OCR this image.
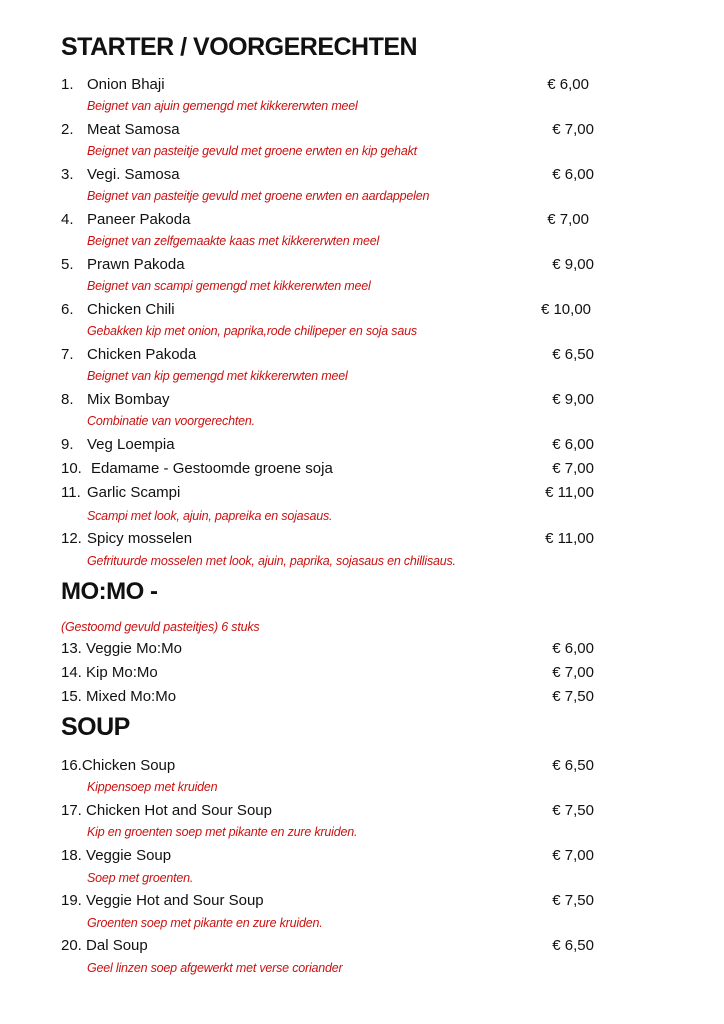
STARTER / VOORGERECHTEN
1. Onion Bhaji	€ 6,00
Beignet van ajuin gemengd met kikkererwten meel
2. Meat Samosa	€ 7,00
Beignet van pasteitje gevuld met groene erwten en kip gehakt
3. Vegi. Samosa	€ 6,00
Beignet van pasteitje gevuld met groene erwten en aardappelen
4. Paneer Pakoda	€ 7,00
Beignet van zelfgemaakte kaas met kikkererwten meel
5. Prawn Pakoda	€ 9,00
Beignet van scampi gemengd met kikkererwten meel
6. Chicken Chili	€ 10,00
Gebakken kip met onion, paprika,rode chilipeper en soja saus
7. Chicken Pakoda	€ 6,50
Beignet van kip gemengd met kikkererwten meel
8. Mix Bombay	€ 9,00
Combinatie van voorgerechten.
9. Veg Loempia	€ 6,00
10. Edamame - Gestoomde groene soja	€ 7,00
11. Garlic Scampi	€ 11,00
Scampi met look, ajuin, papreika en sojasaus.
12. Spicy mosselen	€ 11,00
Gefrituurde mosselen met look, ajuin, paprika, sojasaus en chillisaus.
MO:MO -
(Gestoomd gevuld pasteitjes) 6 stuks
13. Veggie Mo:Mo	€ 6,00
14. Kip Mo:Mo	€ 7,00
15. Mixed Mo:Mo	€ 7,50
SOUP
16.Chicken Soup	€ 6,50
Kippensoep met kruiden
17. Chicken Hot and Sour Soup	€ 7,50
Kip en groenten soep met pikante en zure kruiden.
18. Veggie Soup	€ 7,00
Soep met groenten.
19. Veggie Hot and Sour Soup	€ 7,50
Groenten soep met pikante en zure kruiden.
20. Dal Soup	€ 6,50
Geel linzen soep afgewerkt met verse coriander
